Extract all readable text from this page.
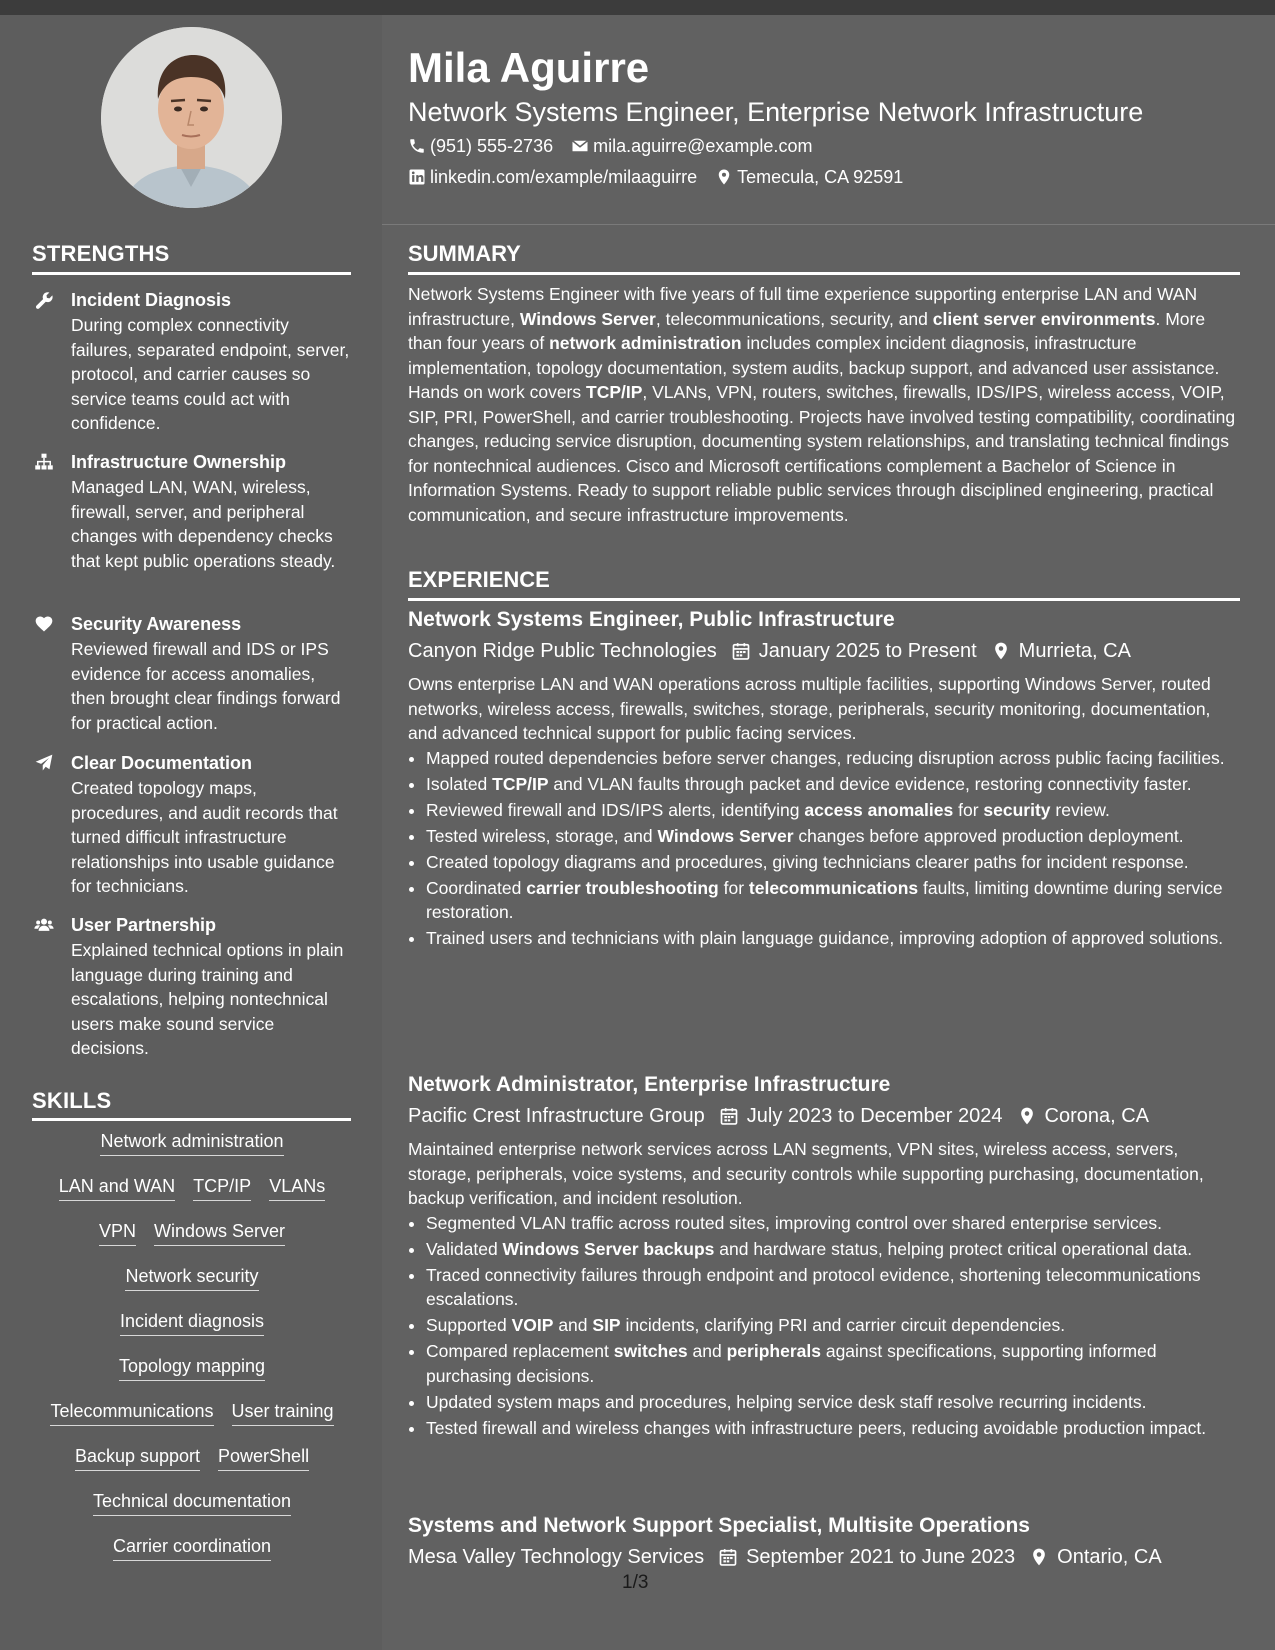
Mila Aguirre
Network Systems Engineer, Enterprise Network Infrastructure
(951) 555-2736 mila.aguirre@example.com
linkedin.com/example/milaaguirre Temecula, CA 92591
STRENGTHS
Incident Diagnosis
During complex connectivity failures, separated endpoint, server, protocol, and carrier causes so service teams could act with confidence.
Infrastructure Ownership
Managed LAN, WAN, wireless, firewall, server, and peripheral changes with dependency checks that kept public operations steady.
Security Awareness
Reviewed firewall and IDS or IPS evidence for access anomalies, then brought clear findings forward for practical action.
Clear Documentation
Created topology maps, procedures, and audit records that turned difficult infrastructure relationships into usable guidance for technicians.
User Partnership
Explained technical options in plain language during training and escalations, helping nontechnical users make sound service decisions.
SKILLS
Network administration
LAN and WAN TCP/IP VLANs
VPN Windows Server
Network security
Incident diagnosis
Topology mapping
Telecommunications User training
Backup support PowerShell
Technical documentation
Carrier coordination
SUMMARY
Network Systems Engineer with five years of full time experience supporting enterprise LAN and WAN infrastructure, Windows Server, telecommunications, security, and client server environments. More than four years of network administration includes complex incident diagnosis, infrastructure implementation, topology documentation, system audits, backup support, and advanced user assistance. Hands on work covers TCP/IP, VLANs, VPN, routers, switches, firewalls, IDS/IPS, wireless access, VOIP, SIP, PRI, PowerShell, and carrier troubleshooting. Projects have involved testing compatibility, coordinating changes, reducing service disruption, documenting system relationships, and translating technical findings for nontechnical audiences. Cisco and Microsoft certifications complement a Bachelor of Science in Information Systems. Ready to support reliable public services through disciplined engineering, practical communication, and secure infrastructure improvements.
EXPERIENCE
Network Systems Engineer, Public Infrastructure
Canyon Ridge Public Technologies January 2025 to Present Murrieta, CA
Owns enterprise LAN and WAN operations across multiple facilities, supporting Windows Server, routed networks, wireless access, firewalls, switches, storage, peripherals, security monitoring, documentation, and advanced technical support for public facing services.
• Mapped routed dependencies before server changes, reducing disruption across public facing facilities.
• Isolated TCP/IP and VLAN faults through packet and device evidence, restoring connectivity faster.
• Reviewed firewall and IDS/IPS alerts, identifying access anomalies for security review.
• Tested wireless, storage, and Windows Server changes before approved production deployment.
• Created topology diagrams and procedures, giving technicians clearer paths for incident response.
• Coordinated carrier troubleshooting for telecommunications faults, limiting downtime during service restoration.
• Trained users and technicians with plain language guidance, improving adoption of approved solutions.
Network Administrator, Enterprise Infrastructure
Pacific Crest Infrastructure Group July 2023 to December 2024 Corona, CA
Maintained enterprise network services across LAN segments, VPN sites, wireless access, servers, storage, peripherals, voice systems, and security controls while supporting purchasing, documentation, backup verification, and incident resolution.
• Segmented VLAN traffic across routed sites, improving control over shared enterprise services.
• Validated Windows Server backups and hardware status, helping protect critical operational data.
• Traced connectivity failures through endpoint and protocol evidence, shortening telecommunications escalations.
• Supported VOIP and SIP incidents, clarifying PRI and carrier circuit dependencies.
• Compared replacement switches and peripherals against specifications, supporting informed purchasing decisions.
• Updated system maps and procedures, helping service desk staff resolve recurring incidents.
• Tested firewall and wireless changes with infrastructure peers, reducing avoidable production impact.
Systems and Network Support Specialist, Multisite Operations
Mesa Valley Technology Services September 2021 to June 2023 Ontario, CA
1/3
